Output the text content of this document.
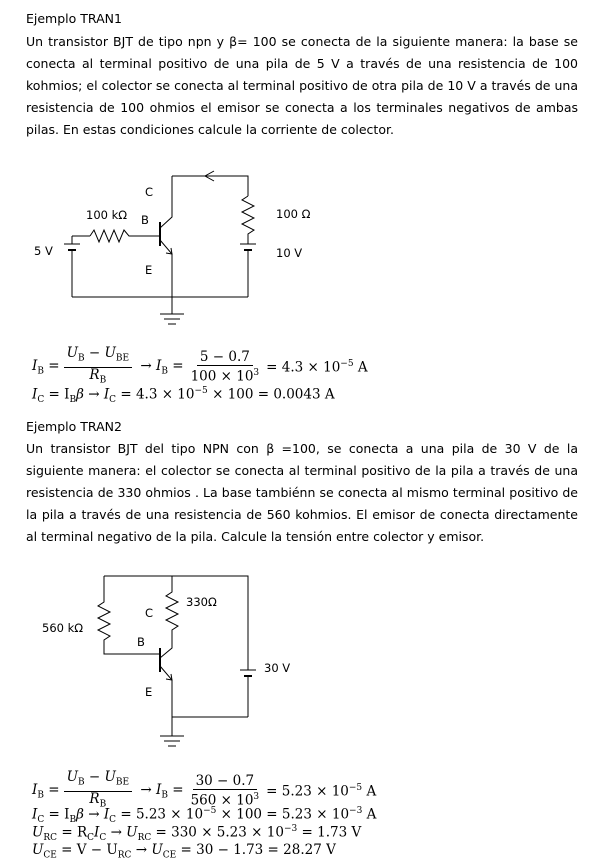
Ejemplo TRAN1
Un transistor BJT de tipo npn y β= 100 se conecta de la siguiente manera: la base se conecta al terminal positivo de una pila de 5 V a través de una resistencia de 100 kohmios; el colector se conecta al terminal positivo de otra pila de 10 V a través de una resistencia de 100 ohmios el emisor se conecta a los terminales negativos de ambas pilas. En estas condiciones calcule la corriente de colector.
C
B
E
100 kΩ	100 Ω
5 V	10 V
$I_B = \frac{U_B - U_{BE}}{R_B} \to I_B = \frac{5 - 0.7}{100 \times 10^3} = 4.3 \times 10^{-5}$ A
$I_C = I_B\beta \to I_C = 4.3 \times 10^{-5} \times 100 = 0.0043$ A
Ejemplo TRAN2
Un transistor BJT del tipo NPN con β =100, se conecta a una pila de 30 V de la siguiente manera: el colector se conecta al terminal positivo de la pila a través de una resistencia de 330 ohmios . La base tambiénn se conecta al mismo terminal positivo de la pila a través de una resistencia de 560 kohmios. El emisor de conecta directamente al terminal negativo de la pila. Calcule la tensión entre colector y emisor.
C
B
E
560 kΩ
330Ω
30 V
$I_B = \frac{U_B - U_{BE}}{R_B} \to I_B = \frac{30 - 0.7}{560 \times 10^3} = 5.23 \times 10^{-5}$ A
$I_C = I_B\beta \to I_C = 5.23 \times 10^{-5} \times 100 = 5.23 \times 10^{-3}$ A
$U_{RC} = R_CI_C \to U_{RC} = 330 \times 5.23 \times 10^{-3} = 1.73$ V
$U_{CE} = V - U_{RC} \to U_{CE} = 30 - 1.73 = 28.27$ V
